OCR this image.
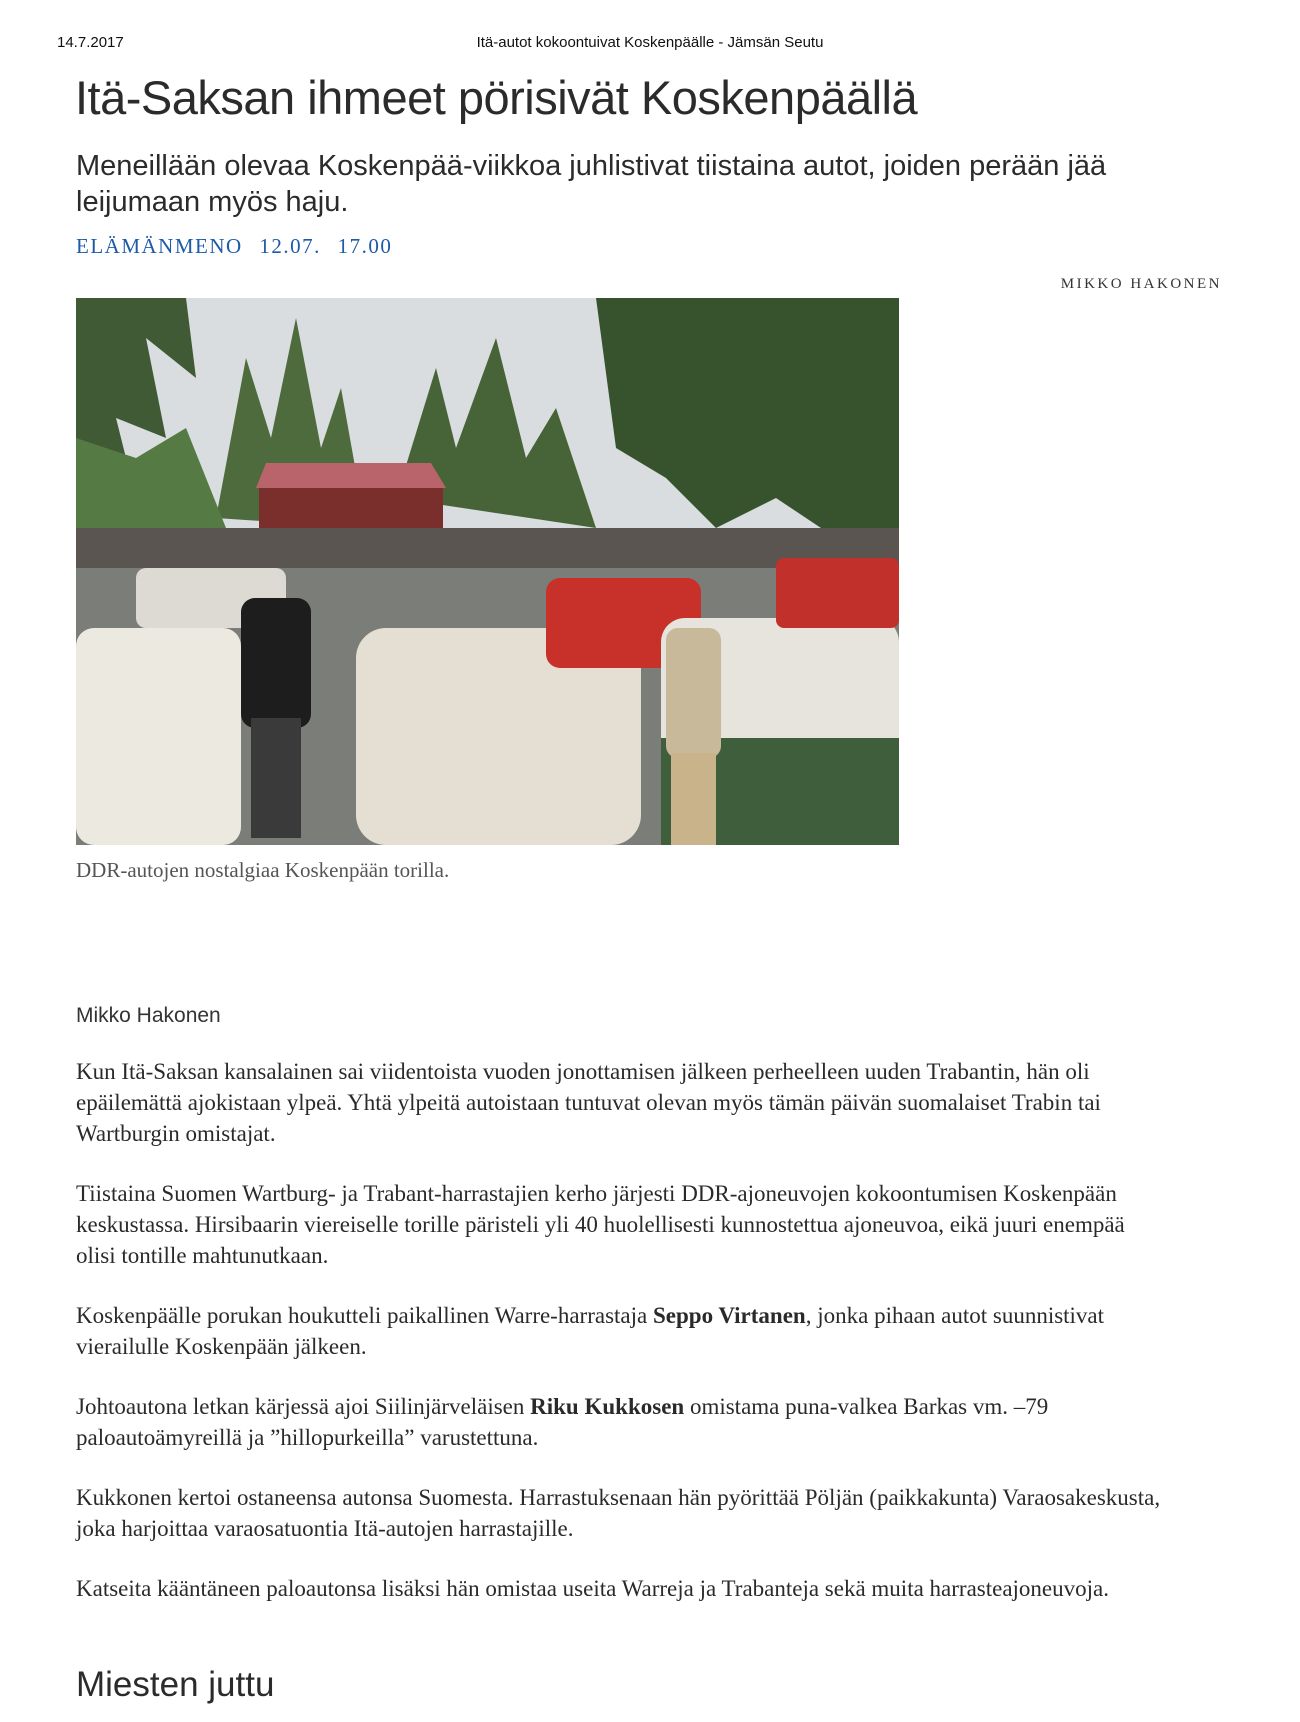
14.7.2017	Itä-autot kokoontuivat Koskenpäälle - Jämsän Seutu
Itä-Saksan ihmeet pörisivät Koskenpäällä

Meneillään olevaa Koskenpää-viikkoa juhlistivat tiistaina autot, joiden perään jää leijumaan myös haju.

ELÄMÄNMENO 12.07. 17.00
MIKKO HAKONEN
DDR-autojen nostalgiaa Koskenpään torilla.
Mikko Hakonen

Kun Itä-Saksan kansalainen sai viidentoista vuoden jonottamisen jälkeen perheelleen uuden Trabantin, hän oli epäilemättä ajokistaan ylpeä. Yhtä ylpeitä autoistaan tuntuvat olevan myös tämän päivän suomalaiset Trabin tai Wartburgin omistajat.

Tiistaina Suomen Wartburg- ja Trabant-harrastajien kerho järjesti DDR-ajoneuvojen kokoontumisen Koskenpään keskustassa. Hirsibaarin viereiselle torille päristeli yli 40 huolellisesti kunnostettua ajoneuvoa, eikä juuri enempää olisi tontille mahtunutkaan.

Koskenpäälle porukan houkutteli paikallinen Warre-harrastaja Seppo Virtanen, jonka pihaan autot suunnistivat vierailulle Koskenpään jälkeen.

Johtoautona letkan kärjessä ajoi Siilinjärveläisen Riku Kukkosen omistama puna-valkea Barkas vm. –79 paloautoämyreillä ja ”hillopurkeilla” varustettuna.

Kukkonen kertoi ostaneensa autonsa Suomesta. Harrastuksenaan hän pyörittää Pöljän (paikkakunta) Varaosakeskusta, joka harjoittaa varaosatuontia Itä-autojen harrastajille.

Katseita kääntäneen paloautonsa lisäksi hän omistaa useita Warreja ja Trabanteja sekä muita harrasteajoneuvoja.

Miesten juttu
